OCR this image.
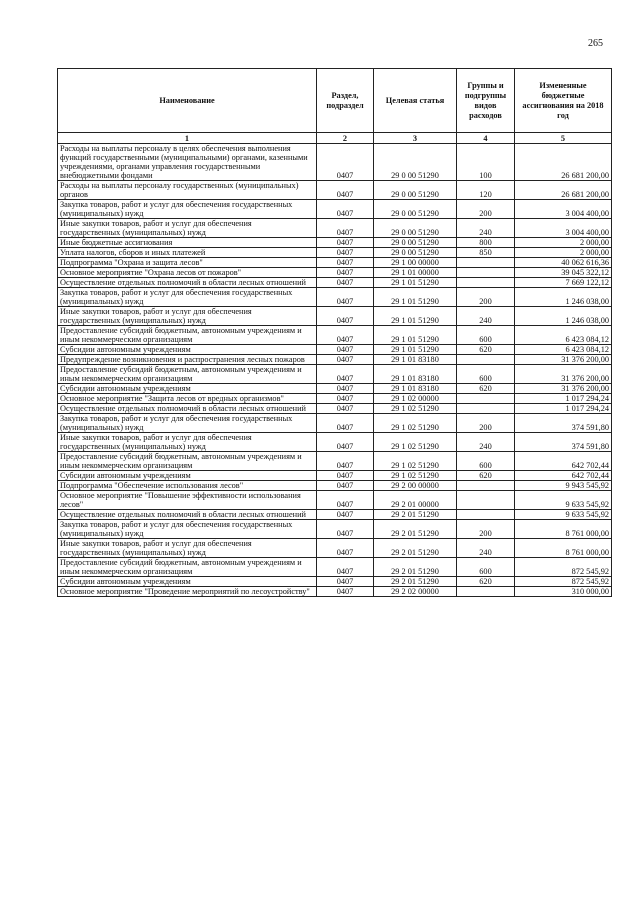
265
Наименование	Раздел, подраздел	Целевая статья	Группы и подгруппы видов расходов	Измененные бюджетные ассигнования на 2018 год
1	2	3	4	5
Расходы на выплаты персоналу в целях обеспечения выполнения функций государственными (муниципальными) органами, казенными учреждениями, органами управления государственными внебюджетными фондами	0407	29 0 00 51290	100	26 681 200,00
Расходы на выплаты персоналу государственных (муниципальных) органов	0407	29 0 00 51290	120	26 681 200,00
Закупка товаров, работ и услуг для обеспечения государственных (муниципальных) нужд	0407	29 0 00 51290	200	3 004 400,00
Иные закупки товаров, работ и услуг для обеспечения государственных (муниципальных) нужд	0407	29 0 00 51290	240	3 004 400,00
Иные бюджетные ассигнования	0407	29 0 00 51290	800	2 000,00
Уплата налогов, сборов и иных платежей	0407	29 0 00 51290	850	2 000,00
Подпрограмма "Охрана и защита лесов"	0407	29 1 00 00000		40 062 616,36
Основное мероприятие "Охрана лесов от пожаров"	0407	29 1 01 00000		39 045 322,12
Осуществление отдельных полномочий в области лесных отношений	0407	29 1 01 51290		7 669 122,12
Закупка товаров, работ и услуг для обеспечения государственных (муниципальных) нужд	0407	29 1 01 51290	200	1 246 038,00
Иные закупки товаров, работ и услуг для обеспечения государственных (муниципальных) нужд	0407	29 1 01 51290	240	1 246 038,00
Предоставление субсидий бюджетным, автономным учреждениям и иным некоммерческим организациям	0407	29 1 01 51290	600	6 423 084,12
Субсидии автономным учреждениям	0407	29 1 01 51290	620	6 423 084,12
Предупреждение возникновения и распространения лесных пожаров	0407	29 1 01 83180		31 376 200,00
Предоставление субсидий бюджетным, автономным учреждениям и иным некоммерческим организациям	0407	29 1 01 83180	600	31 376 200,00
Субсидии автономным учреждениям	0407	29 1 01 83180	620	31 376 200,00
Основное мероприятие "Защита лесов от вредных организмов"	0407	29 1 02 00000		1 017 294,24
Осуществление отдельных полномочий в области лесных отношений	0407	29 1 02 51290		1 017 294,24
Закупка товаров, работ и услуг для обеспечения государственных (муниципальных) нужд	0407	29 1 02 51290	200	374 591,80
Иные закупки товаров, работ и услуг для обеспечения государственных (муниципальных) нужд	0407	29 1 02 51290	240	374 591,80
Предоставление субсидий бюджетным, автономным учреждениям и иным некоммерческим организациям	0407	29 1 02 51290	600	642 702,44
Субсидии автономным учреждениям	0407	29 1 02 51290	620	642 702,44
Подпрограмма "Обеспечение использования лесов"	0407	29 2 00 00000		9 943 545,92
Основное мероприятие "Повышение эффективности использования лесов"	0407	29 2 01 00000		9 633 545,92
Осуществление отдельных полномочий в области лесных отношений	0407	29 2 01 51290		9 633 545,92
Закупка товаров, работ и услуг для обеспечения государственных (муниципальных) нужд	0407	29 2 01 51290	200	8 761 000,00
Иные закупки товаров, работ и услуг для обеспечения государственных (муниципальных) нужд	0407	29 2 01 51290	240	8 761 000,00
Предоставление субсидий бюджетным, автономным учреждениям и иным некоммерческим организациям	0407	29 2 01 51290	600	872 545,92
Субсидии автономным учреждениям	0407	29 2 01 51290	620	872 545,92
Основное мероприятие "Проведение мероприятий по лесоустройству"	0407	29 2 02 00000		310 000,00
